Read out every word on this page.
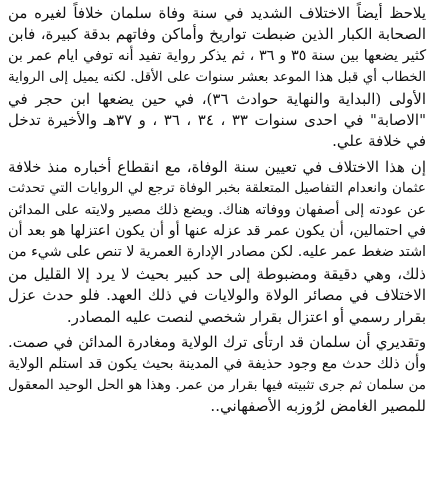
يلاحظ أيضاً الاختلاف الشديد في سنة وفاة سلمان خلافاً لغيره من
الصحابة الكبار الذين ضبطت تواريخ وأماكن وفاتهم بدقة كبيرة، فابن
كثير يضعها بين سنة ٣٥ و ٣٦ ، ثم يذكر رواية تفيد أنه توفي ايام عمر بن
الخطاب أي قبل هذا الموعد بعشر سنوات على الأقل. لكنه يميل إلى الرواية
الأولى (البداية والنهاية حوادث ٣٦)، في حين يضعها ابن حجر في
"الاصابة" في احدى سنوات ٣٣ ، ٣٤ ، ٣٦ ، و ٣٧هـ والأخيرة تدخل
في خلافة علي.
إن هذا الاختلاف في تعيين سنة الوفاة، مع انقطاع أخباره منذ خلافة
عثمان وانعدام التفاصيل المتعلقة بخبر الوفاة ترجع لي الروايات التي تحدثت
عن عودته إلى أصفهان ووفاته هناك. ويضع ذلك مصير ولايته على المدائن
في احتمالين، أن يكون عمر قد عزله عنها أو أن يكون اعتزلها هو بعد أن
اشتد ضغط عمر عليه. لكن مصادر الإدارة العمرية لا تنص على شيء من
ذلك، وهي دقيقة ومضبوطة إلى حد كبير بحيث لا يرد إلا القليل من
الاختلاف في مصائر الولاة والولايات في ذلك العهد. فلو حدث عزل
بقرار رسمي أو اعتزال بقرار شخصي لنصت عليه المصادر.
وتقديري أن سلمان قد ارتأى ترك الولاية ومغادرة المدائن في صمت.
وأن ذلك حدث مع وجود حذيفة في المدينة بحيث يكون قد استلم الولاية
من سلمان ثم جرى تثبيته فيها بقرار من عمر. وهذا هو الحل الوحيد المعقول
للمصير الغامض لرُوزبه الأصفهاني..
